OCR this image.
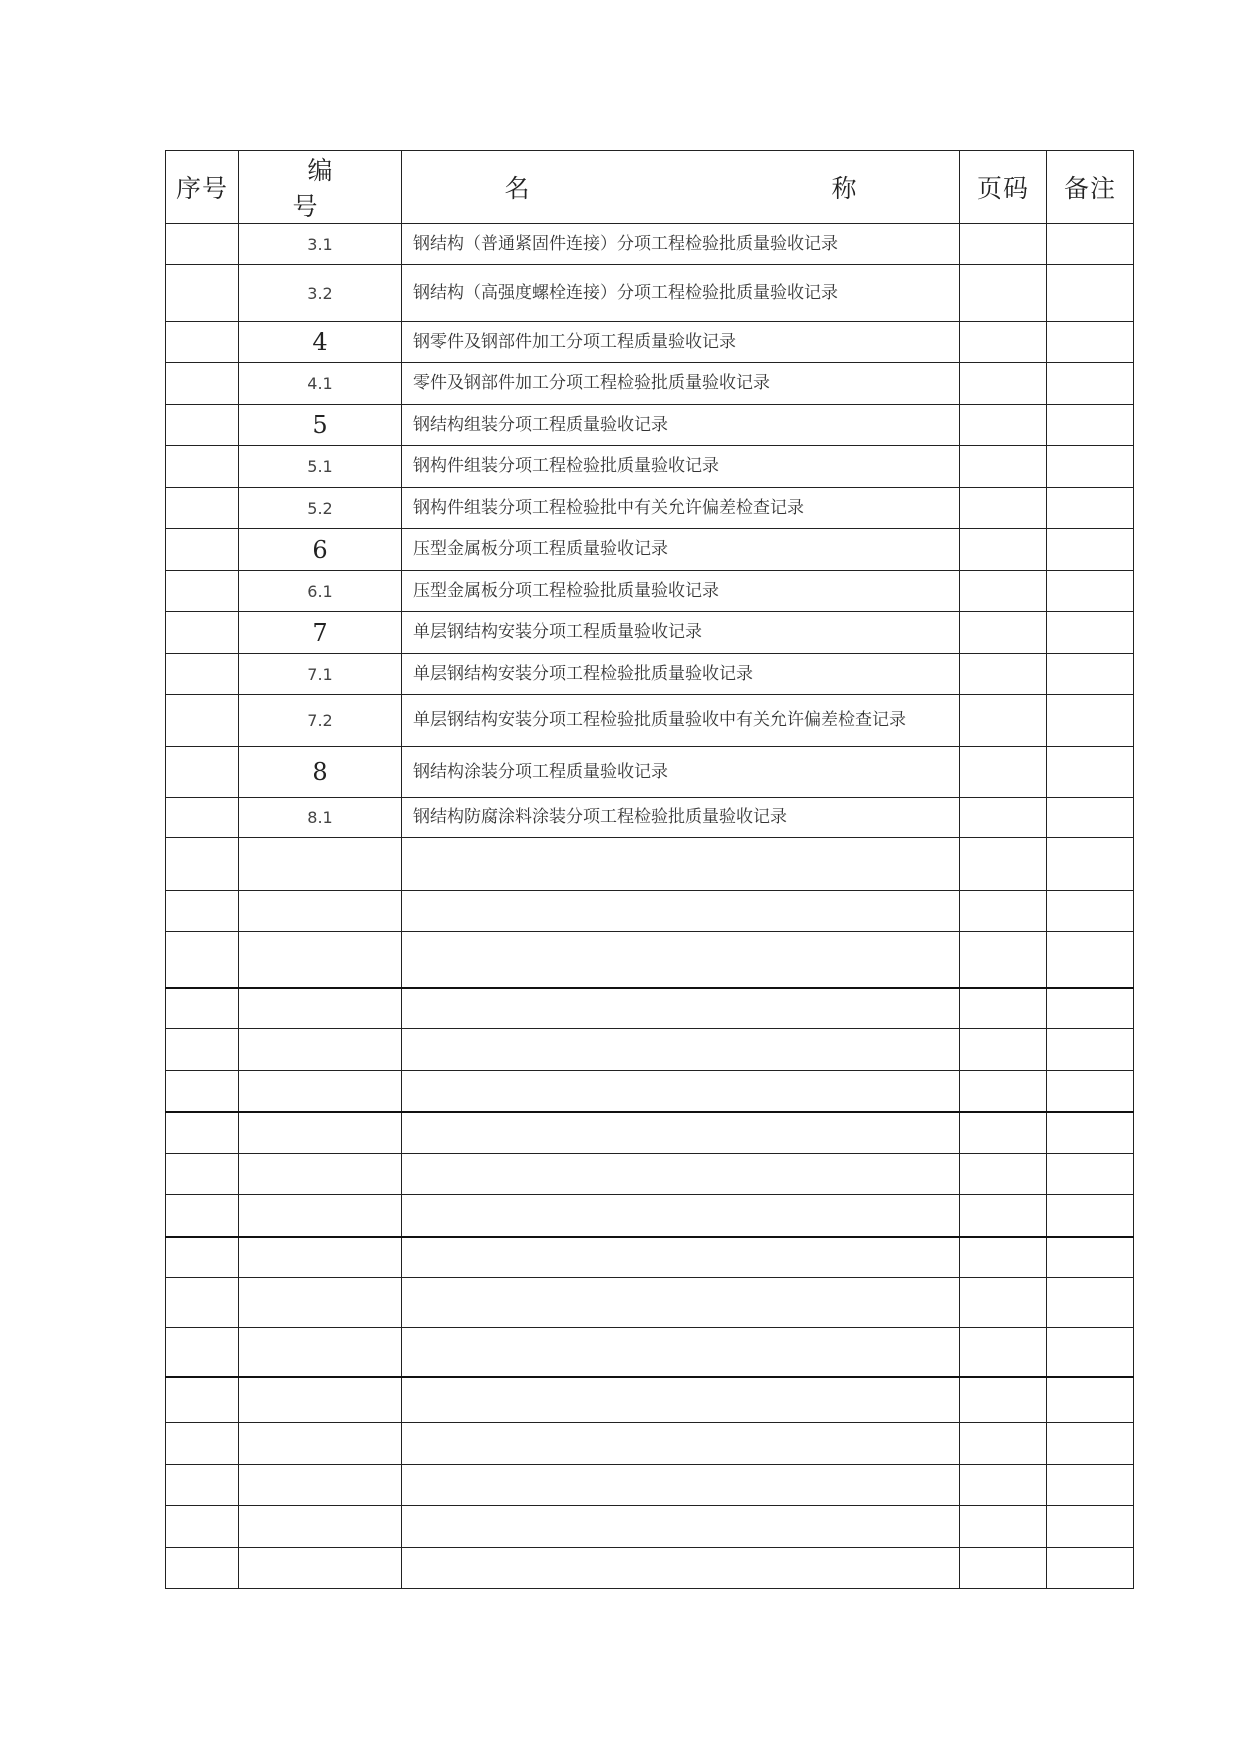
序号	编　号	名　　称	页码	备注
	3.1	钢结构（普通紧固件连接）分项工程检验批质量验收记录		
	3.2	钢结构（高强度螺栓连接）分项工程检验批质量验收记录		
	4	钢零件及钢部件加工分项工程质量验收记录		
	4.1	零件及钢部件加工分项工程检验批质量验收记录		
	5	钢结构组装分项工程质量验收记录		
	5.1	钢构件组装分项工程检验批质量验收记录		
	5.2	钢构件组装分项工程检验批中有关允许偏差检查记录		
	6	压型金属板分项工程质量验收记录		
	6.1	压型金属板分项工程检验批质量验收记录		
	7	单层钢结构安装分项工程质量验收记录		
	7.1	单层钢结构安装分项工程检验批质量验收记录		
	7.2	单层钢结构安装分项工程检验批质量验收中有关允许偏差检查记录		
	8	钢结构涂装分项工程质量验收记录		
	8.1	钢结构防腐涂料涂装分项工程检验批质量验收记录		
